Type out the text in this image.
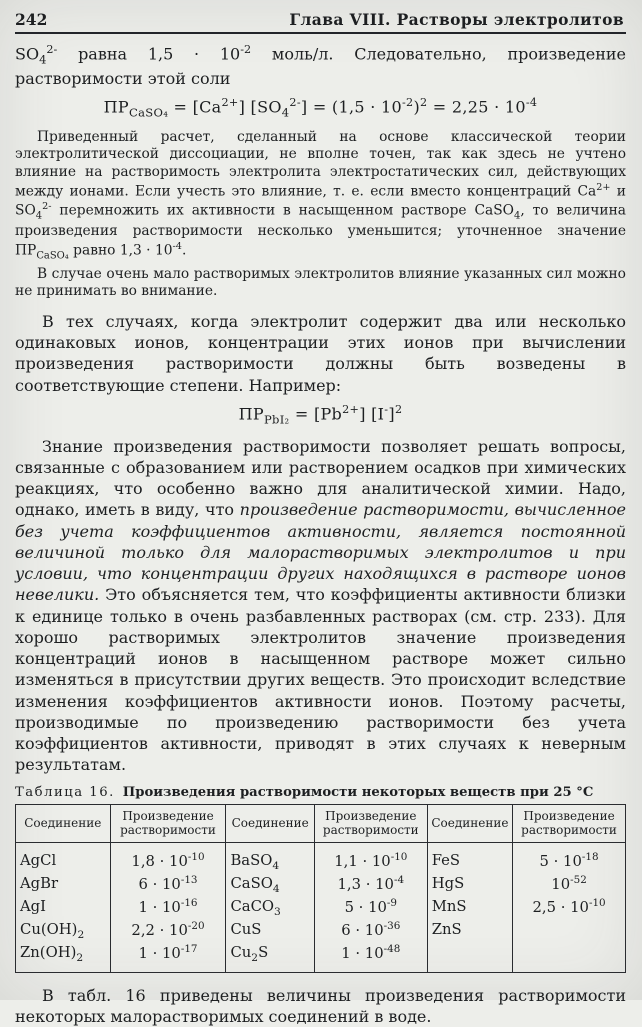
242	Глава VIII. Растворы электролитов

$SO_4^{2-}$ равна $1,5 \cdot 10^{-2}$ моль/л. Следовательно, произведение растворимости этой соли

$ПР_{CaSO_4} = [Ca^{2+}] [SO_4^{2-}] = (1,5 \cdot 10^{-2})^2 = 2,25 \cdot 10^{-4}$

Приведенный расчет, сделанный на основе классической теории электролитической диссоциации, не вполне точен, так как здесь не учтено влияние на растворимость электролита электростатических сил, действующих между ионами. Если учесть это влияние, т. е. если вместо концентраций $Ca^{2+}$ и $SO_4^{2-}$ перемножить их активности в насыщенном растворе CaSO$_4$, то величина произведения растворимости несколько уменьшится; уточненное значение $ПР_{CaSO_4}$ равно $1,3 \cdot 10^{-4}$.

В случае очень мало растворимых электролитов влияние указанных сил можно не принимать во внимание.

В тех случаях, когда электролит содержит два или несколько одинаковых ионов, концентрации этих ионов при вычислении произведения растворимости должны быть возведены в соответствующие степени. Например:

$ПР_{PbI_2} = [Pb^{2+}]$ $[I^-]^2$

Знание произведения растворимости позволяет решать вопросы, связанные с образованием или растворением осадков при химических реакциях, что особенно важно для аналитической химии. Надо, однако, иметь в виду, что произведение растворимости, вычисленное без учета коэффициентов активности, является постоянной величиной только для малорастворимых электролитов и при условии, что концентрации других находящихся в растворе ионов невелики. Это объясняется тем, что коэффициенты активности близки к единице только в очень разбавленных растворах (см. стр. 233). Для хорошо растворимых электролитов значение произведения концентраций ионов в насыщенном растворе может сильно изменяться в присутствии других веществ. Это происходит вследствие изменения коэффициентов активности ионов. Поэтому расчеты, производимые по произведению растворимости без учета коэффициентов активности, приводят в этих случаях к неверным результатам.

Таблица 16. Произведения растворимости некоторых веществ при 25 °С
Соединение	Произведение растворимости	Соединение	Произведение растворимости	Соединение	Произведение растворимости
AgCl	$1,8 \cdot 10^{-10}$	BaSO$_4$	$1,1 \cdot 10^{-10}$	FeS	$5 \cdot 10^{-18}$
AgBr	$6 \cdot 10^{-13}$	CaSO$_4$	$1,3 \cdot 10^{-4}$	HgS	$10^{-52}$
AgI	$1 \cdot 10^{-16}$	CaCO$_3$	$5 \cdot 10^{-9}$	MnS	$2,5 \cdot 10^{-10}$
$Cu(OH)_2$	$2,2 \cdot 10^{-20}$	CuS	$6 \cdot 10^{-36}$	ZnS	
$Zn(OH)_2$	$1 \cdot 10^{-17}$	$Cu_2S$	$1 \cdot 10^{-48}$		

В табл. 16 приведены величины произведения растворимости некоторых малорастворимых соединений в воде.
